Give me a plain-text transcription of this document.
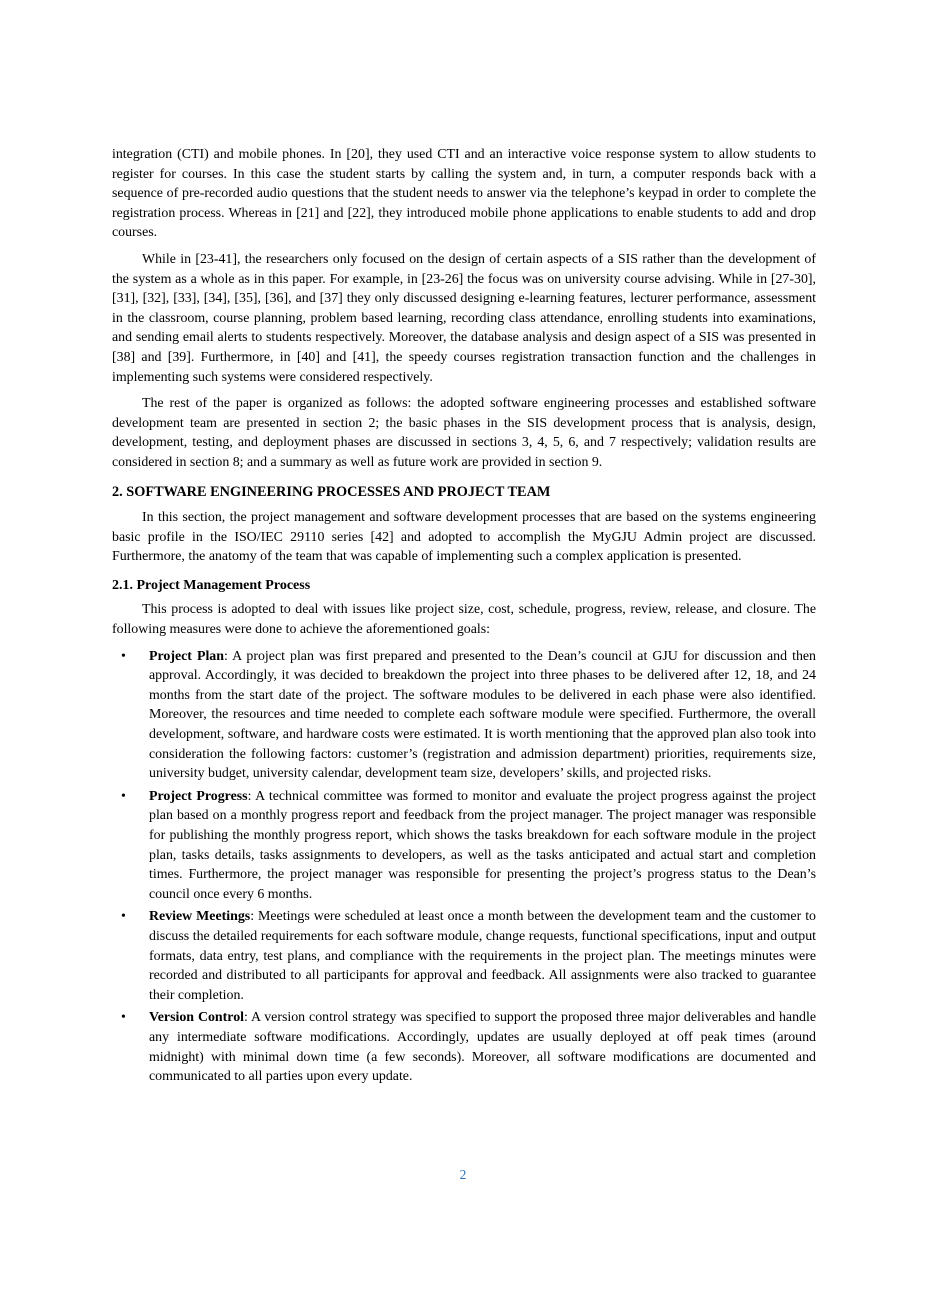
integration (CTI) and mobile phones. In [20], they used CTI and an interactive voice response system to allow students to register for courses. In this case the student starts by calling the system and, in turn, a computer responds back with a sequence of pre-recorded audio questions that the student needs to answer via the telephone’s keypad in order to complete the registration process. Whereas in [21] and [22], they introduced mobile phone applications to enable students to add and drop courses.

While in [23-41], the researchers only focused on the design of certain aspects of a SIS rather than the development of the system as a whole as in this paper. For example, in [23-26] the focus was on university course advising. While in [27-30], [31], [32], [33], [34], [35], [36], and [37] they only discussed designing e-learning features, lecturer performance, assessment in the classroom, course planning, problem based learning, recording class attendance, enrolling students into examinations, and sending email alerts to students respectively. Moreover, the database analysis and design aspect of a SIS was presented in [38] and [39]. Furthermore, in [40] and [41], the speedy courses registration transaction function and the challenges in implementing such systems were considered respectively.

The rest of the paper is organized as follows: the adopted software engineering processes and established software development team are presented in section 2; the basic phases in the SIS development process that is analysis, design, development, testing, and deployment phases are discussed in sections 3, 4, 5, 6, and 7 respectively; validation results are considered in section 8; and a summary as well as future work are provided in section 9.

2. SOFTWARE ENGINEERING PROCESSES AND PROJECT TEAM

In this section, the project management and software development processes that are based on the systems engineering basic profile in the ISO/IEC 29110 series [42] and adopted to accomplish the MyGJU Admin project are discussed. Furthermore, the anatomy of the team that was capable of implementing such a complex application is presented.

2.1. Project Management Process

This process is adopted to deal with issues like project size, cost, schedule, progress, review, release, and closure. The following measures were done to achieve the aforementioned goals:

• Project Plan: A project plan was first prepared and presented to the Dean’s council at GJU for discussion and then approval. Accordingly, it was decided to breakdown the project into three phases to be delivered after 12, 18, and 24 months from the start date of the project. The software modules to be delivered in each phase were also identified. Moreover, the resources and time needed to complete each software module were specified. Furthermore, the overall development, software, and hardware costs were estimated. It is worth mentioning that the approved plan also took into consideration the following factors: customer’s (registration and admission department) priorities, requirements size, university budget, university calendar, development team size, developers’ skills, and projected risks.
• Project Progress: A technical committee was formed to monitor and evaluate the project progress against the project plan based on a monthly progress report and feedback from the project manager. The project manager was responsible for publishing the monthly progress report, which shows the tasks breakdown for each software module in the project plan, tasks details, tasks assignments to developers, as well as the tasks anticipated and actual start and completion times. Furthermore, the project manager was responsible for presenting the project’s progress status to the Dean’s council once every 6 months.
• Review Meetings: Meetings were scheduled at least once a month between the development team and the customer to discuss the detailed requirements for each software module, change requests, functional specifications, input and output formats, data entry, test plans, and compliance with the requirements in the project plan. The meetings minutes were recorded and distributed to all participants for approval and feedback. All assignments were also tracked to guarantee their completion.
• Version Control: A version control strategy was specified to support the proposed three major deliverables and handle any intermediate software modifications. Accordingly, updates are usually deployed at off peak times (around midnight) with minimal down time (a few seconds). Moreover, all software modifications are documented and communicated to all parties upon every update.
2
